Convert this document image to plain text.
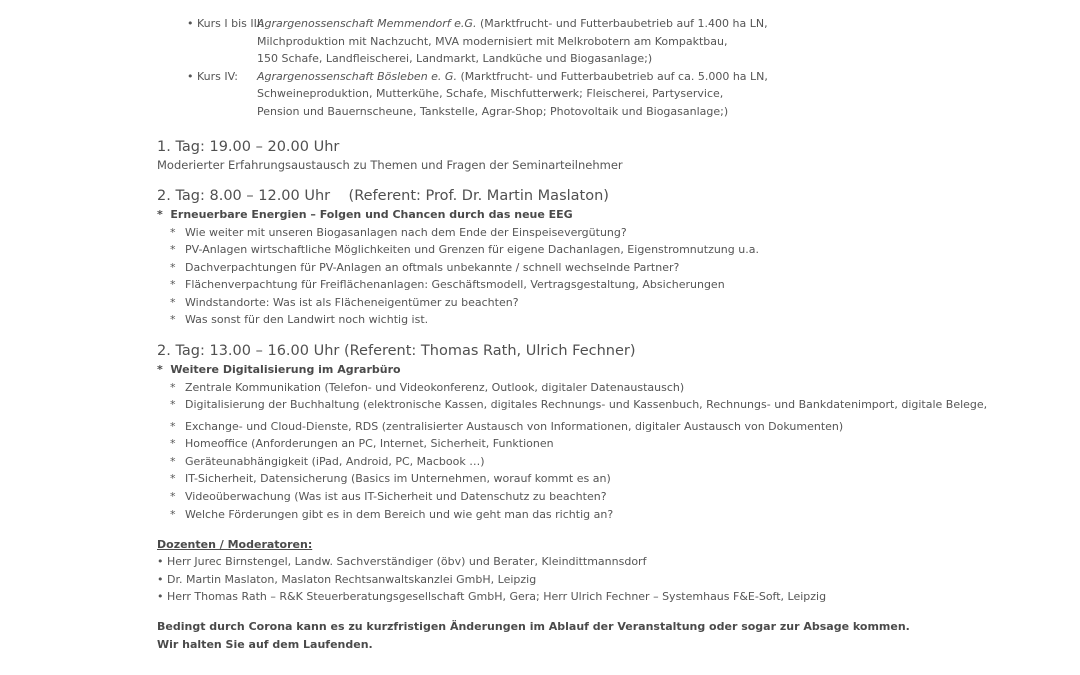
• Kurs I bis III:
Agrargenossenschaft Memmendorf e.G. (Marktfrucht- und Futterbaubetrieb auf 1.400 ha LN,
Milchproduktion mit Nachzucht, MVA modernisiert mit Melkrobotern am Kompaktbau,
150 Schafe, Landfleischerei, Landmarkt, Landküche und Biogasanlage;)
• Kurs IV: Agrargenossenschaft Bösleben e. G. (Marktfrucht- und Futterbaubetrieb auf ca. 5.000 ha LN,
Schweineproduktion, Mutterkühe, Schafe, Mischfutterwerk; Fleischerei, Partyservice,
Pension und Bauernscheune, Tankstelle, Agrar-Shop; Photovoltaik und Biogasanlage;)
1. Tag: 19.00 – 20.00 Uhr
Moderierter Erfahrungsaustausch zu Themen und Fragen der Seminarteilnehmer
2. Tag: 8.00 – 12.00 Uhr    (Referent: Prof. Dr. Martin Maslaton)
*  Erneuerbare Energien – Folgen und Chancen durch das neue EEG
* Wie weiter mit unseren Biogasanlagen nach dem Ende der Einspeisevergütung?
* PV-Anlagen wirtschaftliche Möglichkeiten und Grenzen für eigene Dachanlagen, Eigenstromnutzung u.a.
* Dachverpachtungen für PV-Anlagen an oftmals unbekannte / schnell wechselnde Partner?
* Flächenverpachtung für Freiflächenanlagen: Geschäftsmodell, Vertragsgestaltung, Absicherungen
* Windstandorte: Was ist als Flächeneigentümer zu beachten?
* Was sonst für den Landwirt noch wichtig ist.
2. Tag: 13.00 – 16.00 Uhr (Referent: Thomas Rath, Ulrich Fechner)
*  Weitere Digitalisierung im Agrarbüro
* Zentrale Kommunikation (Telefon- und Videokonferenz, Outlook, digitaler Datenaustausch)
* Digitalisierung der Buchhaltung (elektronische Kassen, digitales Rechnungs- und Kassenbuch, Rechnungs- und Bankdatenimport, digitale Belege,
* Exchange- und Cloud-Dienste, RDS (zentralisierter Austausch von Informationen, digitaler Austausch von Dokumenten)
* Homeoffice (Anforderungen an PC, Internet, Sicherheit, Funktionen
* Geräteunabhängigkeit (iPad, Android, PC, Macbook …)
* IT-Sicherheit, Datensicherung (Basics im Unternehmen, worauf kommt es an)
* Videoüberwachung (Was ist aus IT-Sicherheit und Datenschutz zu beachten?
* Welche Förderungen gibt es in dem Bereich und wie geht man das richtig an?
Dozenten / Moderatoren:
• Herr Jurec Birnstengel, Landw. Sachverständiger (öbv) und Berater, Kleindittmannsdorf
• Dr. Martin Maslaton, Maslaton Rechtsanwaltskanzlei GmbH, Leipzig
• Herr Thomas Rath – R&K Steuerberatungsgesellschaft GmbH, Gera; Herr Ulrich Fechner – Systemhaus F&E-Soft, Leipzig
Bedingt durch Corona kann es zu kurzfristigen Änderungen im Ablauf der Veranstaltung oder sogar zur Absage kommen.
Wir halten Sie auf dem Laufenden.
